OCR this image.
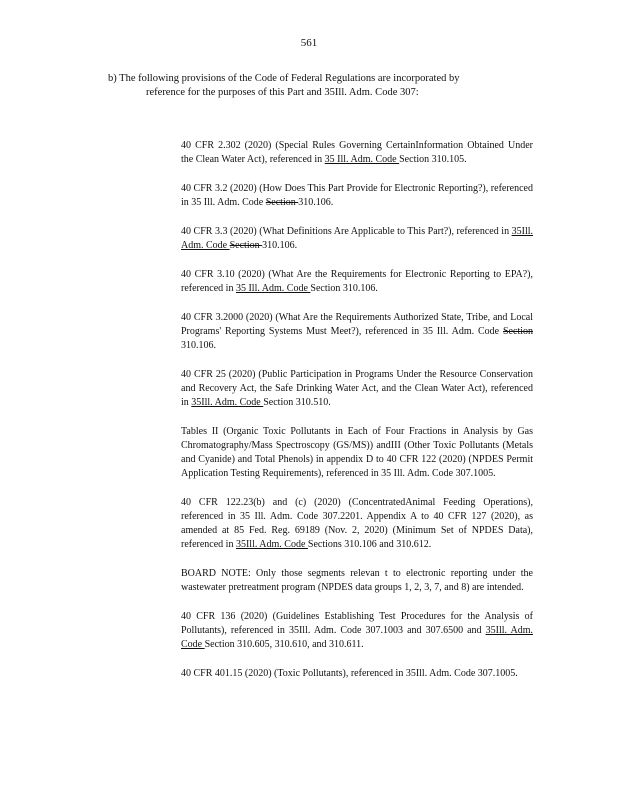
561
b) The following provisions of the Code of Federal Regulations are incorporated by
reference for the purposes of this Part and 35Ill. Adm. Code 307:

40 CFR 2.302 (2020) (Special Rules Governing CertainInformation Obtained Under the Clean Water Act), referenced in 35 Ill. Adm. Code Section 310.105.

40 CFR 3.2 (2020) (How Does This Part Provide for Electronic Reporting?), referenced in 35 Ill. Adm. Code Section 310.106.

40 CFR 3.3 (2020) (What Definitions Are Applicable to This Part?), referenced in 35Ill. Adm. Code Section 310.106.

40 CFR 3.10 (2020) (What Are the Requirements for Electronic Reporting to EPA?), referenced in 35 Ill. Adm. Code Section 310.106.

40 CFR 3.2000 (2020) (What Are the Requirements Authorized State, Tribe, and Local Programs' Reporting Systems Must Meet?), referenced in 35 Ill. Adm. Code Section 310.106.

40 CFR 25 (2020) (Public Participation in Programs Under the Resource Conservation and Recovery Act, the Safe Drinking Water Act, and the Clean Water Act), referenced in 35Ill. Adm. Code Section 310.510.

Tables II (Organic Toxic Pollutants in Each of Four Fractions in Analysis by Gas Chromatography/Mass Spectroscopy (GS/MS)) andIII (Other Toxic Pollutants (Metals and Cyanide) and Total Phenols) in appendix D to 40 CFR 122 (2020) (NPDES Permit Application Testing Requirements), referenced in 35 Ill. Adm. Code 307.1005.

40 CFR 122.23(b) and (c) (2020) (ConcentratedAnimal Feeding Operations), referenced in 35 Ill. Adm. Code 307.2201. Appendix A to 40 CFR 127 (2020), as amended at 85 Fed. Reg. 69189 (Nov. 2, 2020) (Minimum Set of NPDES Data), referenced in 35Ill. Adm. Code Sections 310.106 and 310.612.

BOARD NOTE: Only those segments relevan t to electronic reporting under the wastewater pretreatment program (NPDES data groups 1, 2, 3, 7, and 8) are intended.

40 CFR 136 (2020) (Guidelines Establishing Test Procedures for the Analysis of Pollutants), referenced in 35Ill. Adm. Code 307.1003 and 307.6500 and 35Ill. Adm. Code Section 310.605, 310.610, and 310.611.

40 CFR 401.15 (2020) (Toxic Pollutants), referenced in 35Ill. Adm. Code 307.1005.
